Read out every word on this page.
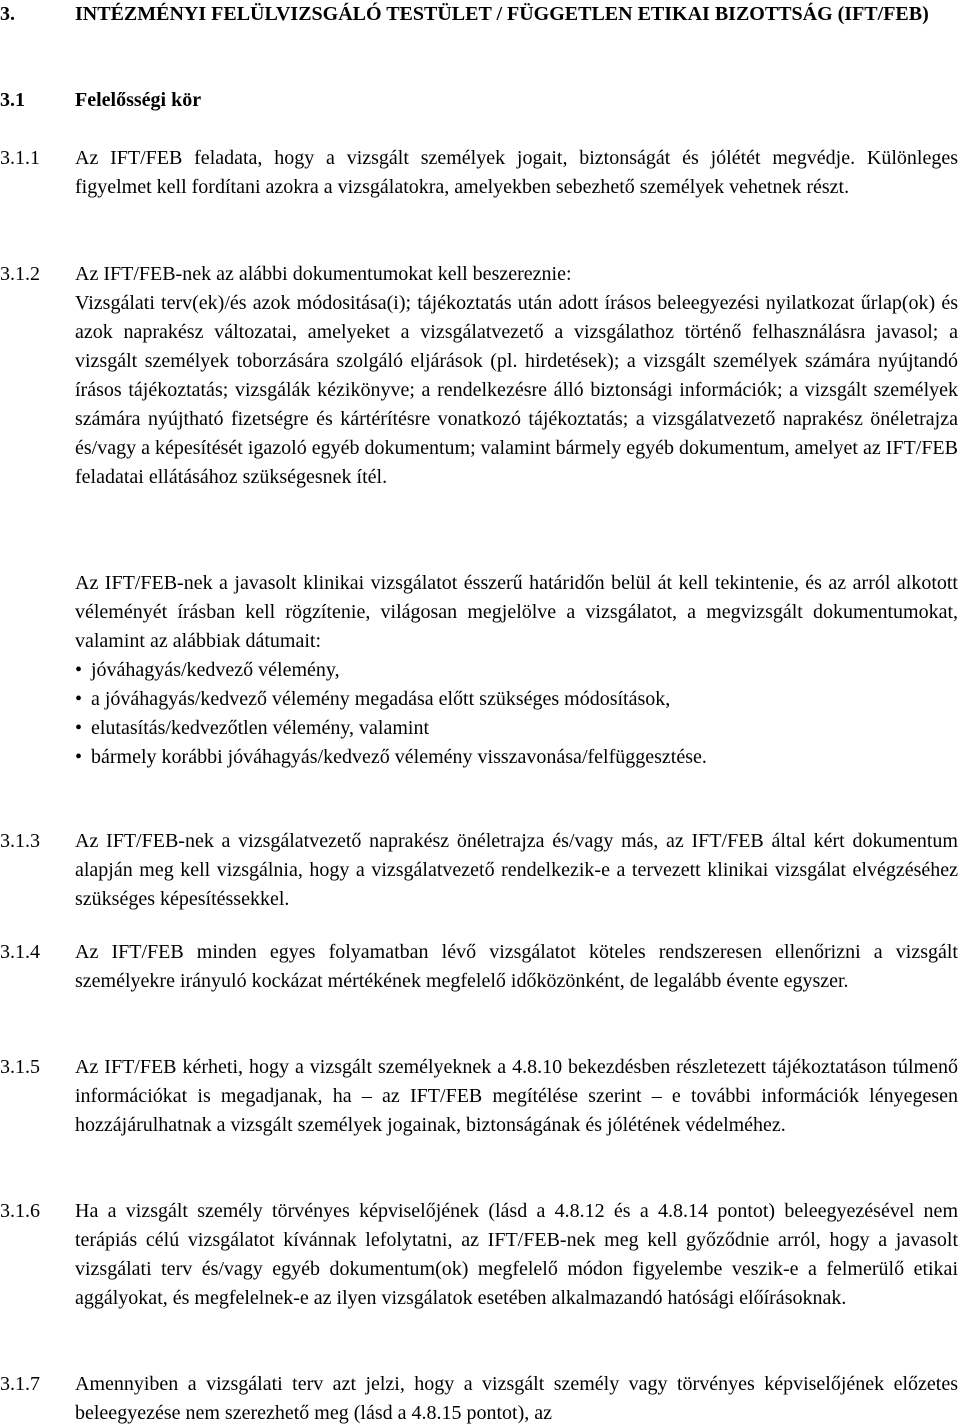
3.	INTÉZMÉNYI FELÜLVIZSGÁLÓ TESTÜLET / FÜGGETLEN ETIKAI BIZOTTSÁG (IFT/FEB)
3.1	Felelősségi kör
3.1.1 Az IFT/FEB feladata, hogy a vizsgált személyek jogait, biztonságát és jólétét megvédje. Különleges figyelmet kell fordítani azokra a vizsgálatokra, amelyekben sebezhető személyek vehetnek részt.
3.1.2 Az IFT/FEB-nek az alábbi dokumentumokat kell beszereznie:
Vizsgálati terv(ek)/és azok módositása(i); tájékoztatás után adott írásos beleegyezési nyilatkozat űrlap(ok) és azok naprakész változatai, amelyeket a vizsgálatvezető a vizsgálathoz történő felhasználásra javasol; a vizsgált személyek toborzására szolgáló eljárások (pl. hirdetések); a vizsgált személyek számára nyújtandó írásos tájékoztatás; vizsgálák kézikönyve; a rendelkezésre álló biztonsági információk; a vizsgált személyek számára nyújtható fizetségre és kártérítésre vonatkozó tájékoztatás; a vizsgálatvezető naprakész önéletrajza és/vagy a képesítését igazoló egyéb dokumentum; valamint bármely egyéb dokumentum, amelyet az IFT/FEB feladatai ellátásához szükségesnek ítél.
Az IFT/FEB-nek a javasolt klinikai vizsgálatot ésszerű határidőn belül át kell tekintenie, és az arról alkotott véleményét írásban kell rögzítenie, világosan megjelölve a vizsgálatot, a megvizsgált dokumentumokat, valamint az alábbiak dátumait:
• jóváhagyás/kedvező vélemény,
• a jóváhagyás/kedvező vélemény megadása előtt szükséges módosítások,
• elutasítás/kedvezőtlen vélemény, valamint
• bármely korábbi jóváhagyás/kedvező vélemény visszavonása/felfüggesztése.
3.1.3 Az IFT/FEB-nek a vizsgálatvezető naprakész önéletrajza és/vagy más, az IFT/FEB által kért dokumentum alapján meg kell vizsgálnia, hogy a vizsgálatvezető rendelkezik-e a tervezett klinikai vizsgálat elvégzéséhez szükséges képesítéssekkel.
3.1.4 Az IFT/FEB minden egyes folyamatban lévő vizsgálatot köteles rendszeresen ellenőrizni a vizsgált személyekre irányuló kockázat mértékének megfelelő időközönként, de legalább évente egyszer.
3.1.5 Az IFT/FEB kérheti, hogy a vizsgált személyeknek a 4.8.10 bekezdésben részletezett tájékoztatáson túlmenő információkat is megadjanak, ha – az IFT/FEB megítélése szerint – e további információk lényegesen hozzájárulhatnak a vizsgált személyek jogainak, biztonságának és jólétének védelméhez.
3.1.6 Ha a vizsgált személy törvényes képviselőjének (lásd a 4.8.12 és a 4.8.14 pontot) beleegyezésével nem terápiás célú vizsgálatot kívánnak lefolytatni, az IFT/FEB-nek meg kell győződnie arról, hogy a javasolt vizsgálati terv és/vagy egyéb dokumentum(ok) megfelelő módon figyelembe veszik-e a felmerülő etikai aggályokat, és megfelelnek-e az ilyen vizsgálatok esetében alkalmazandó hatósági előírásoknak.
3.1.7 Amennyiben a vizsgálati terv azt jelzi, hogy a vizsgált személy vagy törvényes képviselőjének előzetes beleegyezése nem szerezhető meg (lásd a 4.8.15 pontot), az
